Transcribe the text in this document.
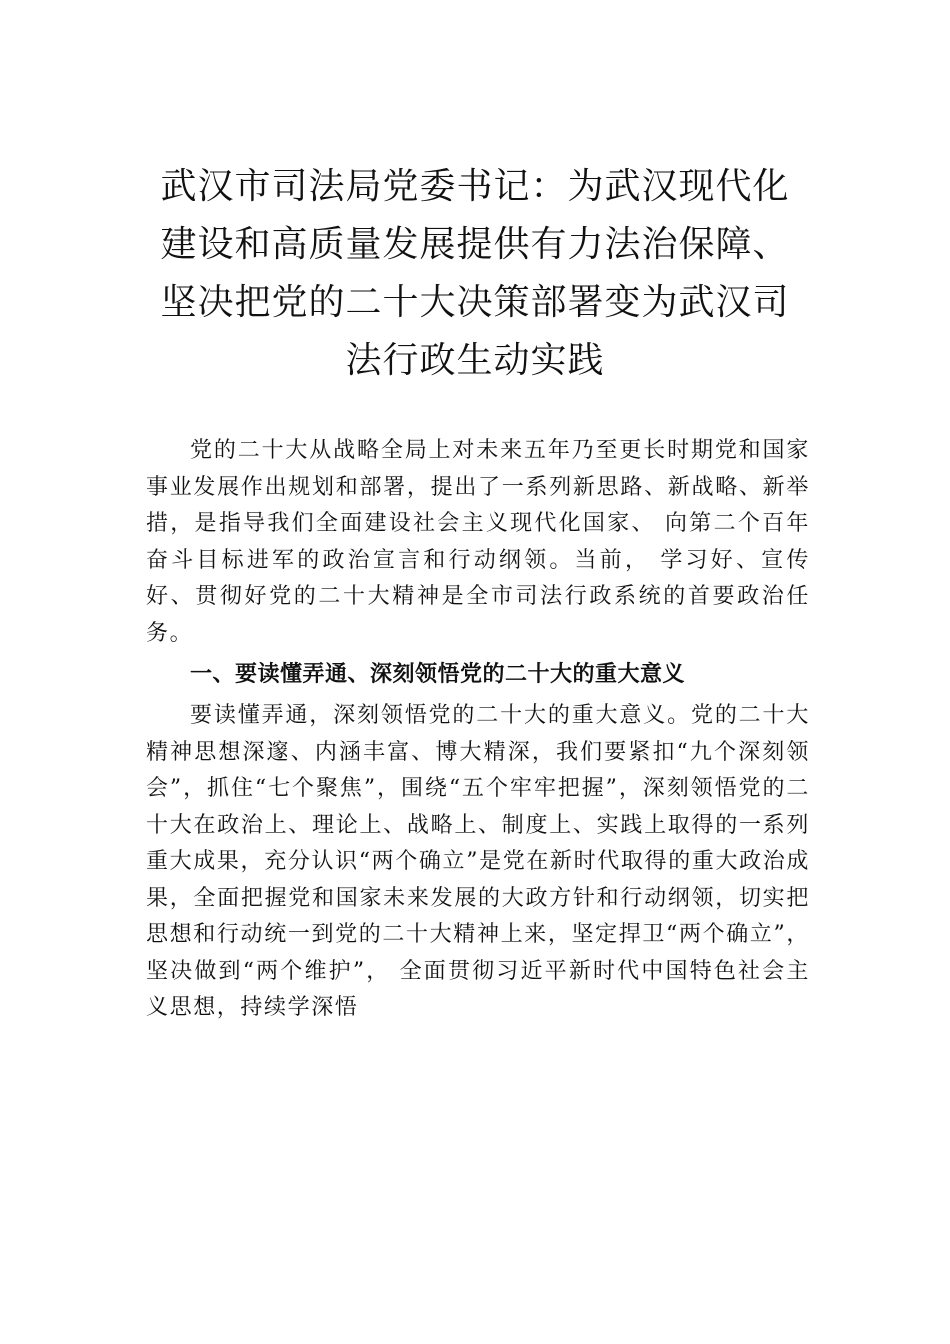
武汉市司法局党委书记：为武汉现代化建设和高质量发展提供有力法治保障、坚决把党的二十大决策部署变为武汉司法行政生动实践

党的二十大从战略全局上对未来五年乃至更长时期党和国家事业发展作出规划和部署，提出了一系列新思路、新战略、新举措，是指导我们全面建设社会主义现代化国家、 向第二个百年奋斗目标进军的政治宣言和行动纲领。当前， 学习好、宣传好、贯彻好党的二十大精神是全市司法行政系统的首要政治任务。

一、要读懂弄通、深刻领悟党的二十大的重大意义

要读懂弄通，深刻领悟党的二十大的重大意义。党的二十大精神思想深邃、内涵丰富、博大精深，我们要紧扣“九个深刻领会”，抓住“七个聚焦”，围绕“五个牢牢把握”，深刻领悟党的二十大在政治上、理论上、战略上、制度上、实践上取得的一系列重大成果，充分认识“两个确立”是党在新时代取得的重大政治成果，全面把握党和国家未来发展的大政方针和行动纲领，切实把思想和行动统一到党的二十大精神上来，坚定捍卫“两个确立”，坚决做到“两个维护”， 全面贯彻习近平新时代中国特色社会主义思想，持续学深悟
